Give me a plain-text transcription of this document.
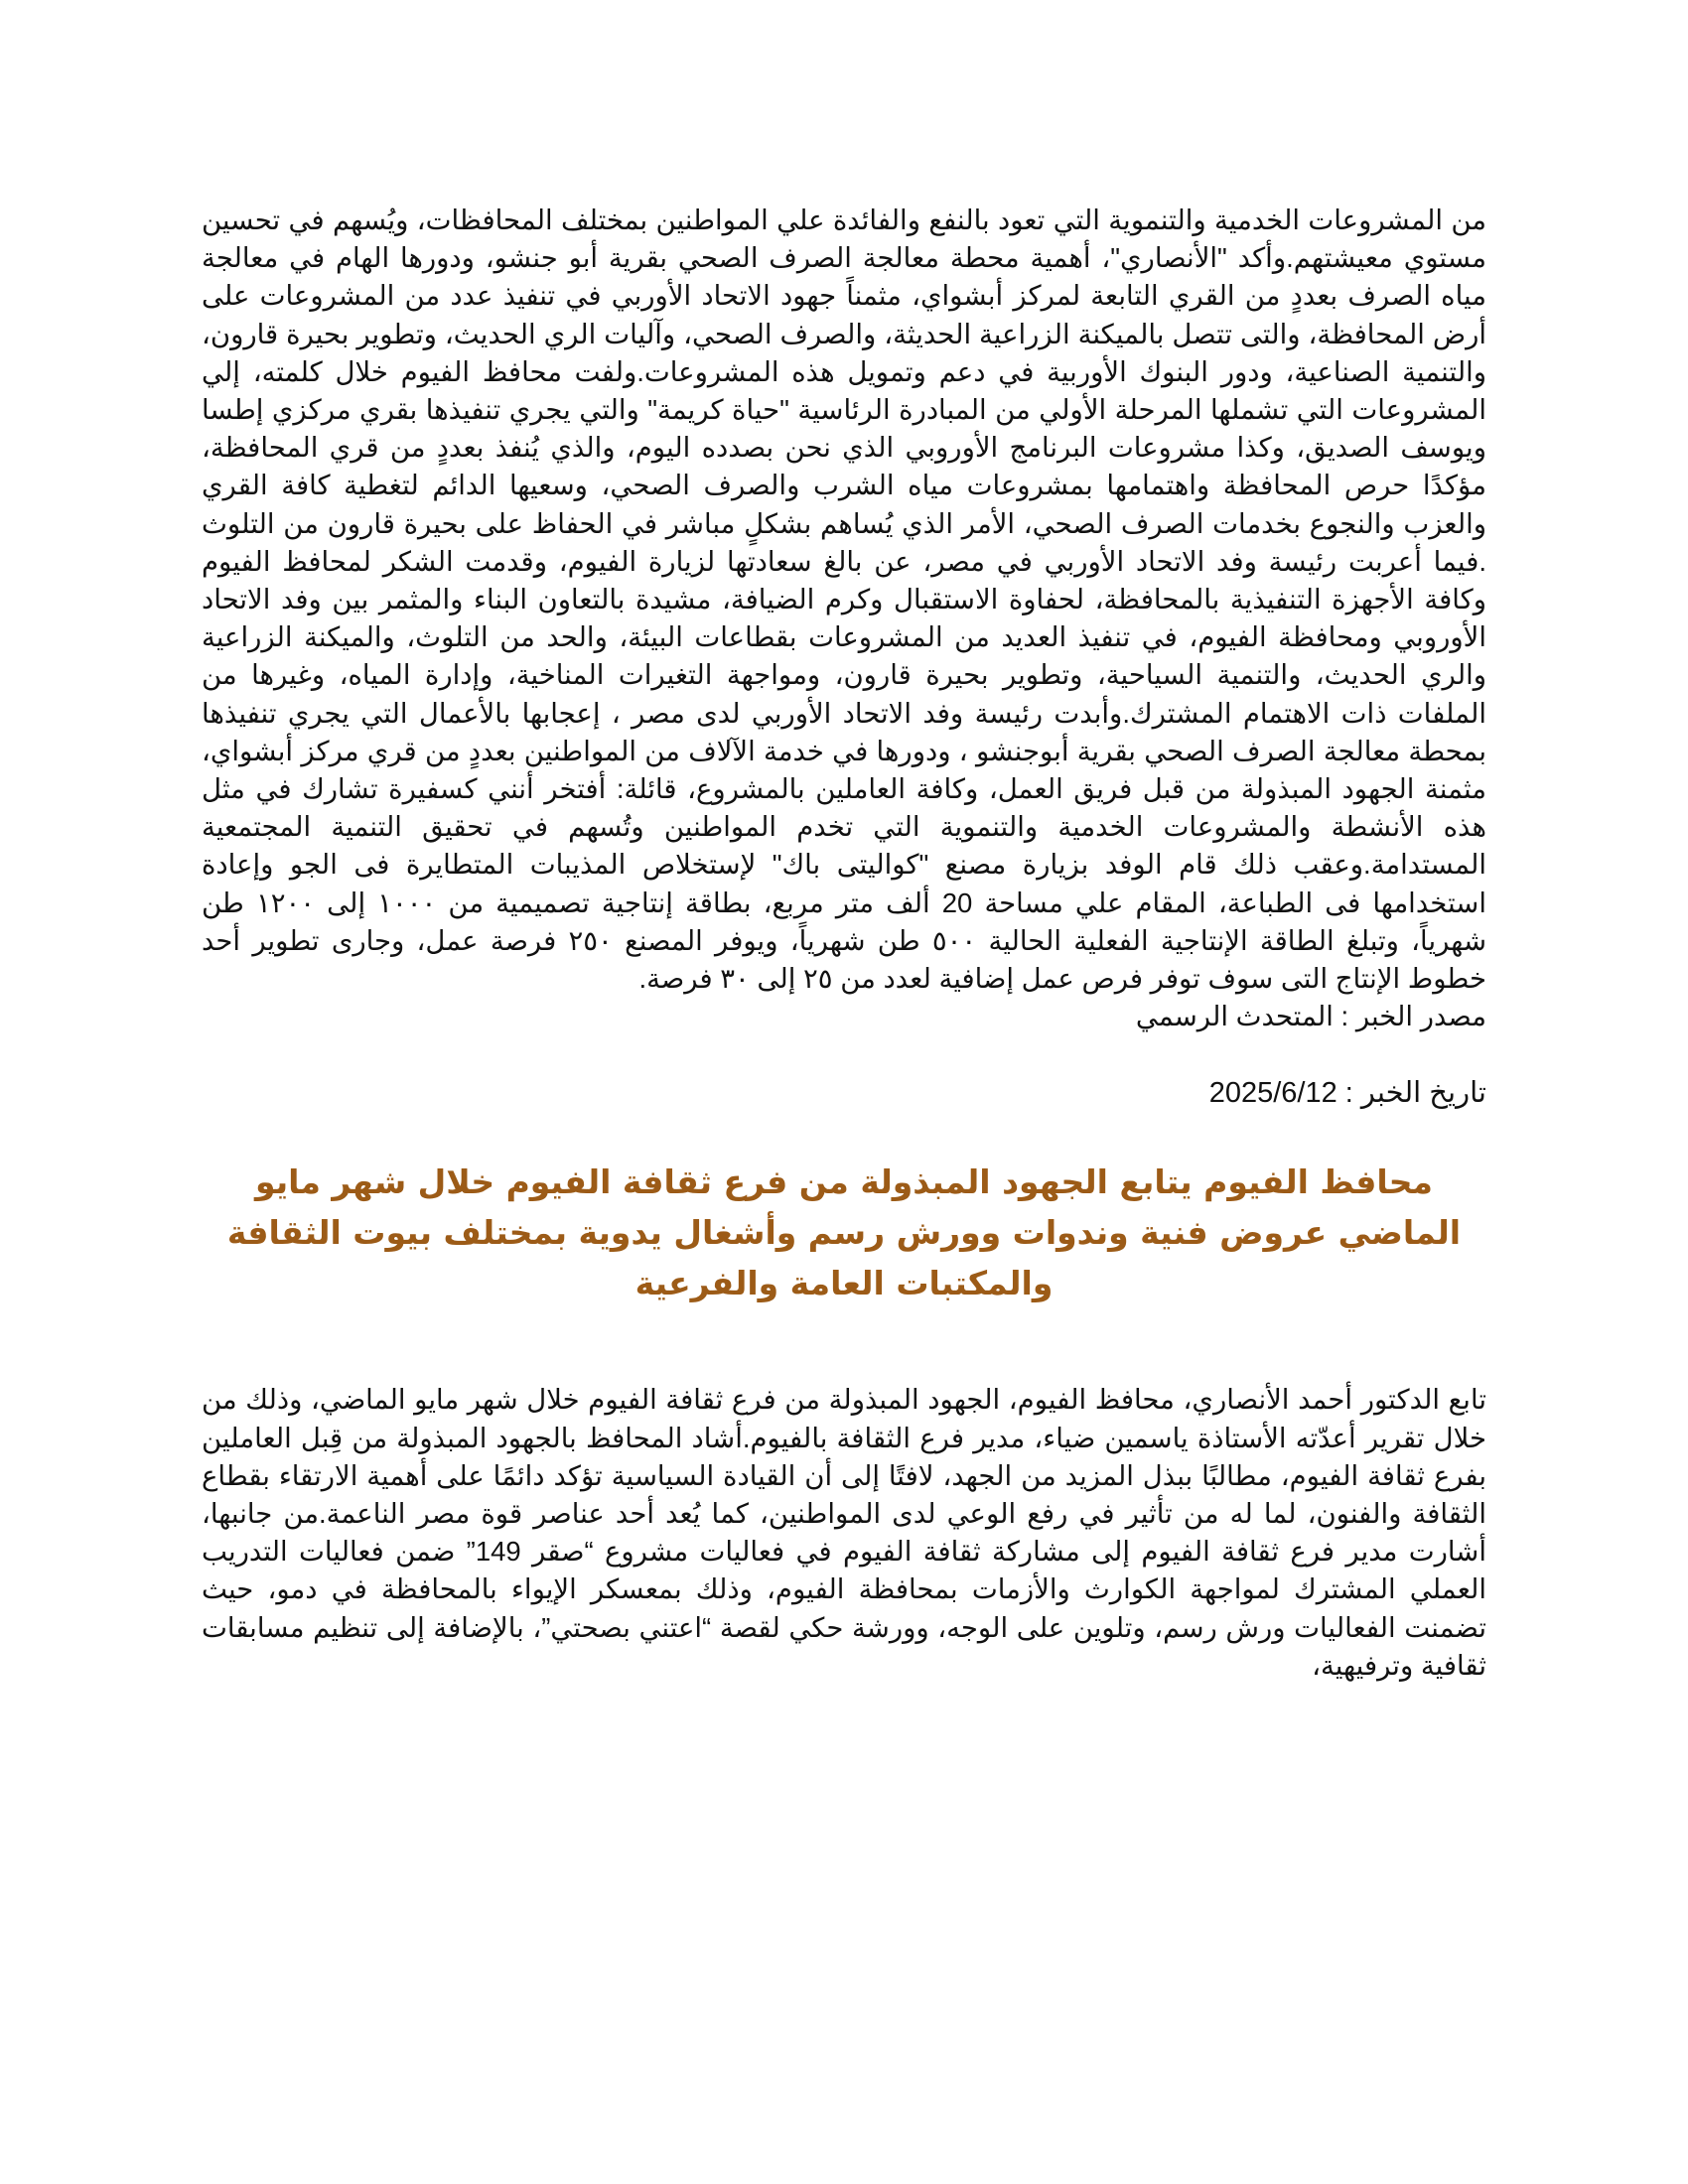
من المشروعات الخدمية والتنموية التي تعود بالنفع والفائدة علي المواطنين بمختلف المحافظات، ويُسهم في تحسين مستوي معيشتهم.وأكد "الأنصاري"، أهمية محطة معالجة الصرف الصحي بقرية أبو جنشو، ودورها الهام في معالجة مياه الصرف بعددٍ من القري التابعة لمركز أبشواي، مثمناً جهود الاتحاد الأوربي في تنفيذ عدد من المشروعات على أرض المحافظة، والتى تتصل بالميكنة الزراعية الحديثة، والصرف الصحي، وآليات الري الحديث، وتطوير بحيرة قارون، والتنمية الصناعية، ودور البنوك الأوربية في دعم وتمويل هذه المشروعات.ولفت محافظ الفيوم خلال كلمته، إلي المشروعات التي تشملها المرحلة الأولي من المبادرة الرئاسية "حياة كريمة" والتي يجري تنفيذها بقري مركزي إطسا ويوسف الصديق، وكذا مشروعات البرنامج الأوروبي الذي نحن بصدده اليوم، والذي يُنفذ بعددٍ من قري المحافظة، مؤكدًا حرص المحافظة واهتمامها بمشروعات مياه الشرب والصرف الصحي، وسعيها الدائم لتغطية كافة القري والعزب والنجوع بخدمات الصرف الصحي، الأمر الذي يُساهم بشكلٍ مباشر في الحفاظ على بحيرة قارون من التلوث .فيما أعربت رئيسة وفد الاتحاد الأوربي في مصر، عن بالغ سعادتها لزيارة الفيوم، وقدمت الشكر لمحافظ الفيوم وكافة الأجهزة التنفيذية بالمحافظة، لحفاوة الاستقبال وكرم الضيافة، مشيدة بالتعاون البناء والمثمر بين وفد الاتحاد الأوروبي ومحافظة الفيوم، في تنفيذ العديد من المشروعات بقطاعات البيئة، والحد من التلوث، والميكنة الزراعية والري الحديث، والتنمية السياحية، وتطوير بحيرة قارون، ومواجهة التغيرات المناخية، وإدارة المياه، وغيرها من الملفات ذات الاهتمام المشترك.وأبدت رئيسة وفد الاتحاد الأوربي لدى مصر ، إعجابها بالأعمال التي يجري تنفيذها بمحطة معالجة الصرف الصحي بقرية أبوجنشو ، ودورها في خدمة الآلاف من المواطنين بعددٍ من قري مركز أبشواي، مثمنة الجهود المبذولة من قبل فريق العمل، وكافة العاملين بالمشروع، قائلة: أفتخر أنني كسفيرة تشارك في مثل هذه الأنشطة والمشروعات الخدمية والتنموية التي تخدم المواطنين وتُسهم في تحقيق التنمية المجتمعية المستدامة.وعقب ذلك قام الوفد بزيارة مصنع "كواليتى باك" لإستخلاص المذيبات المتطايرة فى الجو وإعادة استخدامها فى الطباعة، المقام علي مساحة 20 ألف متر مربع، بطاقة إنتاجية تصميمية من ١٠٠٠ إلى ١٢٠٠ طن شهرياً، وتبلغ الطاقة الإنتاجية الفعلية الحالية ٥٠٠ طن شهرياً، ويوفر المصنع ٢٥٠ فرصة عمل، وجارى تطوير أحد خطوط الإنتاج التى سوف توفر فرص عمل إضافية لعدد من ٢٥ إلى ٣٠ فرصة.

مصدر الخبر : المتحدث الرسمي

تاريخ الخبر : 2025/6/12

محافظ الفيوم يتابع الجهود المبذولة من فرع ثقافة الفيوم خلال شهر مايو الماضي عروض فنية وندوات وورش رسم وأشغال يدوية بمختلف بيوت الثقافة والمكتبات العامة والفرعية

تابع الدكتور أحمد الأنصاري، محافظ الفيوم، الجهود المبذولة من فرع ثقافة الفيوم خلال شهر مايو الماضي، وذلك من خلال تقرير أعدّته الأستاذة ياسمين ضياء، مدير فرع الثقافة بالفيوم.أشاد المحافظ بالجهود المبذولة من قِبل العاملين بفرع ثقافة الفيوم، مطالبًا ببذل المزيد من الجهد، لافتًا إلى أن القيادة السياسية تؤكد دائمًا على أهمية الارتقاء بقطاع الثقافة والفنون، لما له من تأثير في رفع الوعي لدى المواطنين، كما يُعد أحد عناصر قوة مصر الناعمة.من جانبها، أشارت مدير فرع ثقافة الفيوم إلى مشاركة ثقافة الفيوم في فعاليات مشروع “صقر 149” ضمن فعاليات التدريب العملي المشترك لمواجهة الكوارث والأزمات بمحافظة الفيوم، وذلك بمعسكر الإيواء بالمحافظة في دمو، حيث تضمنت الفعاليات ورش رسم، وتلوين على الوجه، وورشة حكي لقصة “اعتني بصحتي”، بالإضافة إلى تنظيم مسابقات ثقافية وترفيهية،
